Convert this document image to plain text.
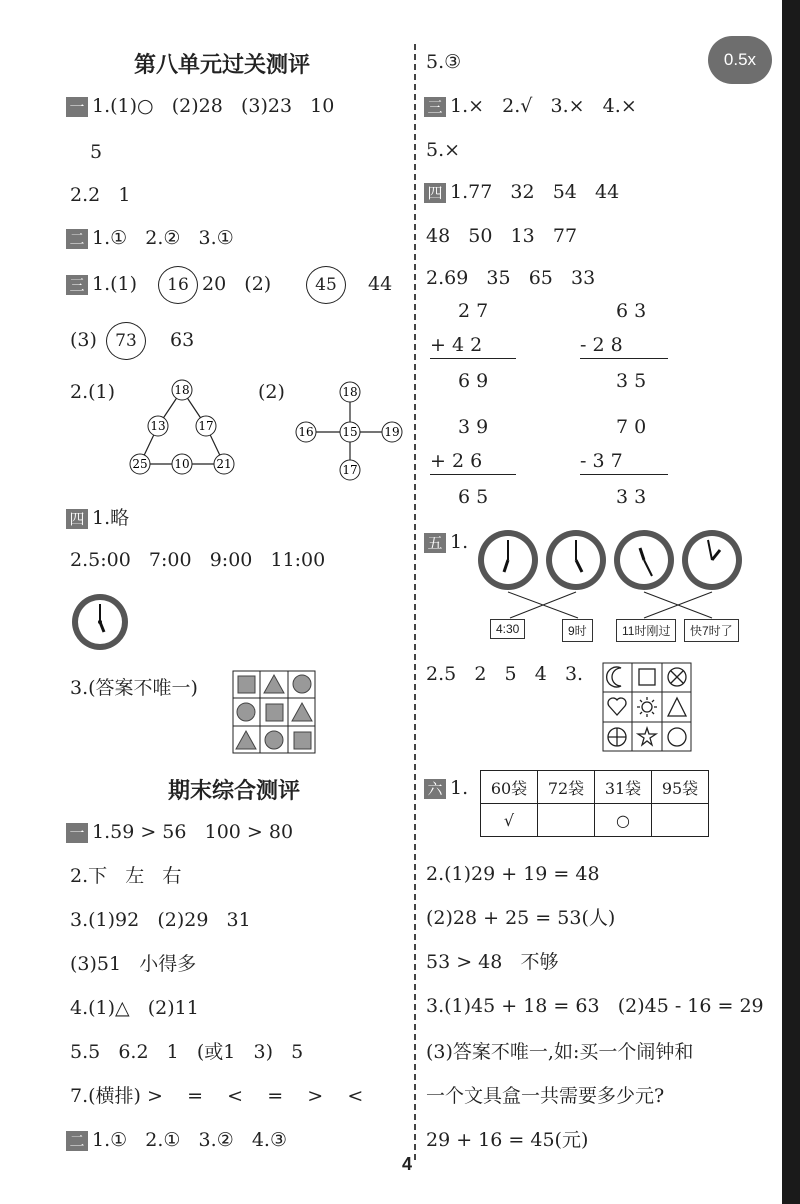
0.5x
第八单元过关测评
一 1.(1)○   (2)28   (3)23   10
5
2.2   1
二 1.①   2.②   3.①
三 1.(1)	16 20   (2)	45	44
(3)	73	63
2.(1)	(2)
18
13	17
25 10 21
18
16 15 19
17
四 1.略
2.5:00   7:00   9:00   11:00
3.(答案不唯一)
期末综合测评
一 1.59 > 56   100 > 80
2.下   左   右
3.(1)92   (2)29   31
(3)51   小得多
4.(1)△   (2)11
5.5   6.2   1   (或1   3)   5
7.(横排) >    =    <    =    >    <
二 1.①   2.①   3.②   4.③
5.③
三 1.×   2.√   3.×   4.×
5.×
四 1.77   32   54   44
48   50   13   77
2.69   35   65   33
2 7
+ 4 2
6 9
6 3
- 2 8
3 5
3 9
+ 2 6
6 5
7 0
- 3 7
3 3
五 1.
4:30	9时	11时刚过	快7时了
2.5   2   5   4   3.
六 1. 60袋	72袋	31袋	95袋
√		○	
2.(1)29 + 19 = 48
(2)28 + 25 = 53(人)
53 > 48   不够
3.(1)45 + 18 = 63   (2)45 - 16 = 29
(3)答案不唯一,如:买一个闹钟和
一个文具盒一共需要多少元?
29 + 16 = 45(元)
4
